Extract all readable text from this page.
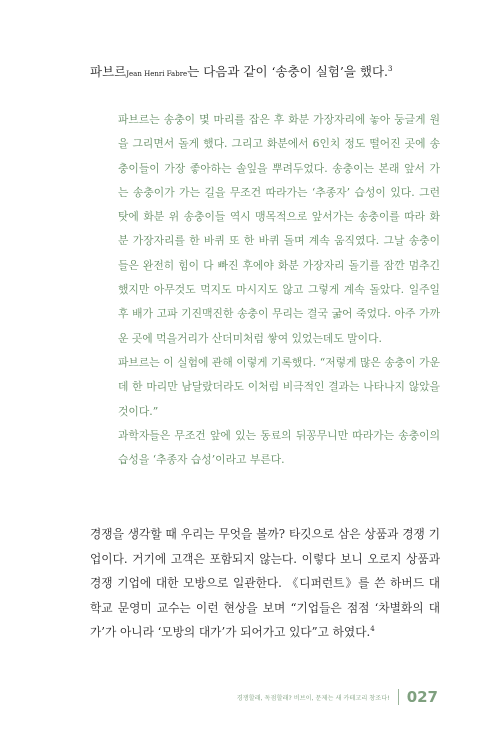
파브르Jean Henri Fabre는 다음과 같이 ‘송충이 실험’을 했다.$^3$

파브르는 송충이 몇 마리를 잡은 후 화분 가장자리에 놓아 둥글게 원을 그리면서 돌게 했다. 그리고 화분에서 6인치 정도 떨어진 곳에 송충이들이 가장 좋아하는 솔잎을 뿌려두었다. 송충이는 본래 앞서 가는 송충이가 가는 길을 무조건 따라가는 ‘추종자’ 습성이 있다. 그런 탓에 화분 위 송충이들 역시 맹목적으로 앞서가는 송충이를 따라 화분 가장자리를 한 바퀴 또 한 바퀴 돌며 계속 움직였다. 그날 송충이들은 완전히 힘이 다 빠진 후에야 화분 가장자리 돌기를 잠깐 멈추긴 했지만 아무것도 먹지도 마시지도 않고 그렇게 계속 돌았다. 일주일 후 배가 고파 기진맥진한 송충이 무리는 결국 굶어 죽었다. 아주 가까운 곳에 먹을거리가 산더미처럼 쌓여 있었는데도 말이다.

파브르는 이 실험에 관해 이렇게 기록했다. “저렇게 많은 송충이 가운데 한 마리만 남달랐더라도 이처럼 비극적인 결과는 나타나지 않았을 것이다.”

과학자들은 무조건 앞에 있는 동료의 뒤꽁무니만 따라가는 송충이의 습성을 ‘추종자 습성’이라고 부른다.

경쟁을 생각할 때 우리는 무엇을 볼까? 타깃으로 삼은 상품과 경쟁 기업이다. 거기에 고객은 포함되지 않는다. 이렇다 보니 오로지 상품과 경쟁 기업에 대한 모방으로 일관한다. 《디퍼런트》를 쓴 하버드 대학교 문영미 교수는 이런 현상을 보며 “기업들은 점점 ‘차별화의 대가’가 아니라 ‘모방의 대가’가 되어가고 있다”고 하였다.$^4$

경쟁할래, 독점할래? 비브이, 문제는 새 카테고리 창조다! 027
